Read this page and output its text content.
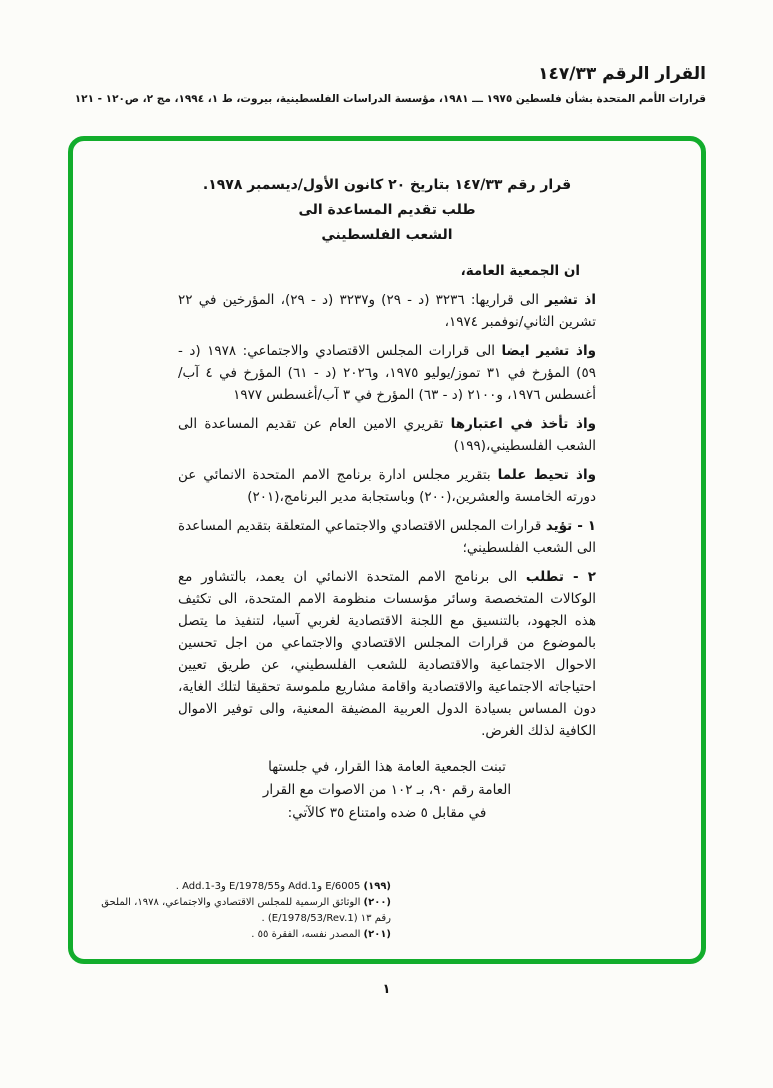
القرار الرقم ١٤٧/٣٣
قرارات الأمم المتحدة بشأن فلسطين ١٩٧٥ ـــ ١٩٨١، مؤسسة الدراسات الفلسطينية، بيروت، ط ١، ١٩٩٤، مج ٢، ص١٢٠ - ١٢١
قرار رقم ١٤٧/٣٣ بتاريخ ٢٠ كانون الأول/ديسمبر ١٩٧٨.
طلب تقديم المساعدة الى
الشعب الفلسطيني
ان الجمعية العامة،

اذ تشير الى قراريها: ٣٢٣٦ (د - ٢٩) و٣٢٣٧ (د - ٢٩)، المؤرخين في ٢٢ تشرين الثاني/نوفمبر ١٩٧٤،

واذ تشير ايضا الى قرارات المجلس الاقتصادي والاجتماعي: ١٩٧٨ (د - ٥٩) المؤرخ في ٣١ تموز/يوليو ١٩٧٥، و٢٠٢٦ (د - ٦١) المؤرخ في ٤ آب/أغسطس ١٩٧٦، و٢١٠٠ (د - ٦٣) المؤرخ في ٣ آب/أغسطس ١٩٧٧

واذ تأخذ في اعتبارها تقريري الامين العام عن تقديم المساعدة الى الشعب الفلسطيني،(١٩٩)

واذ تحيط علما بتقرير مجلس ادارة برنامج الامم المتحدة الانمائي عن دورته الخامسة والعشرين،(٢٠٠) وباستجابة مدير البرنامج،(٢٠١)

١ - تؤيد قرارات المجلس الاقتصادي والاجتماعي المتعلقة بتقديم المساعدة الى الشعب الفلسطيني؛

٢ - تطلب الى برنامج الامم المتحدة الانمائي ان يعمد، بالتشاور مع الوكالات المتخصصة وسائر مؤسسات منظومة الامم المتحدة، الى تكثيف هذه الجهود، بالتنسيق مع اللجنة الاقتصادية لغربي آسيا، لتنفيذ ما يتصل بالموضوع من قرارات المجلس الاقتصادي والاجتماعي من اجل تحسين الاحوال الاجتماعية والاقتصادية للشعب الفلسطيني، عن طريق تعيين احتياجاته الاجتماعية والاقتصادية واقامة مشاريع ملموسة تحقيقا لتلك الغاية، دون المساس بسيادة الدول العربية المضيفة المعنية، والى توفير الاموال الكافية لذلك الغرض.

تبنت الجمعية العامة هذا القرار، في جلستها العامة رقم ٩٠، بـ ١٠٢ من الاصوات مع القرار في مقابل ٥ ضده وامتناع ٣٥ كالآتي:
(١٩٩) E/6005 وAdd.1 وE/1978/55 وAdd.1-3 .
(٢٠٠) الوثائق الرسمية للمجلس الاقتصادي والاجتماعي، ١٩٧٨، الملحق رقم ١٣ (E/1978/53/Rev.1) .
(٢٠١) المصدر نفسه، الفقرة ٥٥ .
١
